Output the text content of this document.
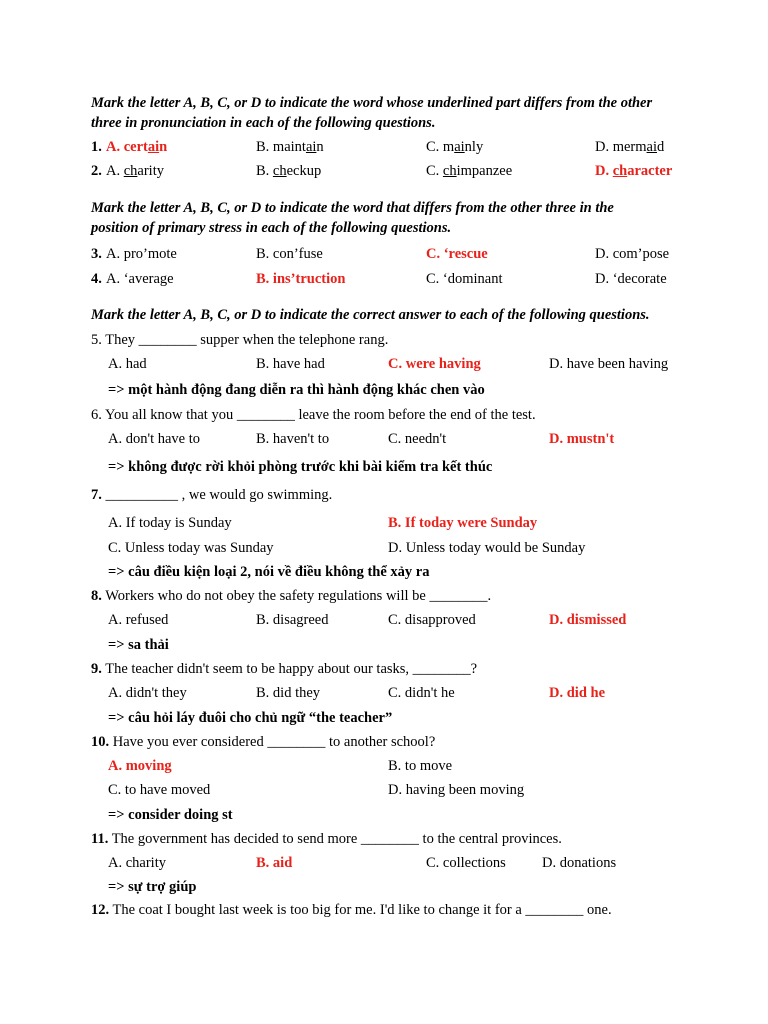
Mark the letter A, B, C, or D to indicate the word whose underlined part differs from the other
three in pronunciation in each of the following questions.
1. A. certain	B. maintain	C. mainly	D. mermaid
2. A. charity	B. checkup	C. chimpanzee	D. character
Mark the letter A, B, C, or D to indicate the word that differs from the other three in the
position of primary stress in each of the following questions.
3. A. pro’mote	B. con’fuse	C. ‘rescue	D. com’pose
4. A. ‘average	B. ins’truction	C. ‘dominant	D. ‘decorate
Mark the letter A, B, C, or D to indicate the correct answer to each of the following questions.
5. They ________ supper when the telephone rang.
A. had	B. have had	C. were having	D. have been having
=> một hành động đang diễn ra thì hành động khác chen vào
6. You all know that you ________ leave the room before the end of the test.
A. don't have to	B. haven't to	C. needn't	D. mustn't
=> không được rời khỏi phòng trước khi bài kiểm tra kết thúc
7. __________ , we would go swimming.
A. If today is Sunday	B. If today were Sunday
C. Unless today was Sunday	D. Unless today would be Sunday
=> câu điều kiện loại 2, nói về điều không thể xảy ra
8. Workers who do not obey the safety regulations will be ________.
A. refused	B. disagreed	C. disapproved	D. dismissed
=> sa thải
9. The teacher didn't seem to be happy about our tasks, ________?
A. didn't they	B. did they	C. didn't he	D. did he
=> câu hỏi láy đuôi cho chủ ngữ “the teacher”
10. Have you ever considered ________ to another school?
A. moving	B. to move
C. to have moved	D. having been moving
=> consider doing st
11. The government has decided to send more ________ to the central provinces.
A. charity	B. aid	C. collections	D. donations
=> sự trợ giúp
12. The coat I bought last week is too big for me. I'd like to change it for a ________ one.
